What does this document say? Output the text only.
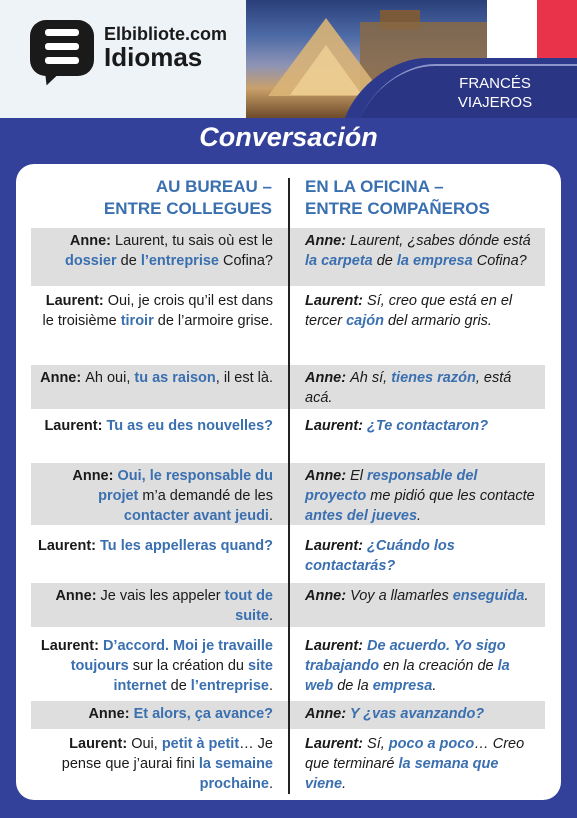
FRANCÉS
VIAJEROS
Elbibliote.com
Idiomas
Conversación
AU BUREAU –
ENTRE COLLEGUES
EN LA OFICINA –
ENTRE COMPAÑEROS
Anne: Laurent, tu sais où est le dossier de l’entreprise Cofina?
Anne: Laurent, ¿sabes dónde está la carpeta de la empresa Cofina?
Laurent: Oui, je crois qu’il est dans le troisième tiroir de l’armoire grise.
Laurent: Sí, creo que está en el tercer cajón del armario gris.
Anne: Ah oui, tu as raison, il est là. Anne: Ah sí, tienes razón, está acá.
Laurent: Tu as eu des nouvelles? Laurent: ¿Te contactaron?
Anne: Oui, le responsable du projet m’a demandé de les contacter avant jeudi.
Anne: El responsable del proyecto me pidió que les contacte antes del jueves.
Laurent: Tu les appelleras quand? Laurent: ¿Cuándo los contactarás?
Anne: Je vais les appeler tout de suite.
Anne: Voy a llamarles enseguida.
Laurent: D’accord. Moi je travaille toujours sur la création du site internet de l’entreprise.
Laurent: De acuerdo. Yo sigo trabajando en la creación de la web de la empresa.
Anne: Et alors, ça avance? Anne: Y ¿vas avanzando?
Laurent: Oui, petit à petit… Je pense que j’aurai fini la semaine prochaine.
Laurent: Sí, poco a poco… Creo que terminaré la semana que viene.
